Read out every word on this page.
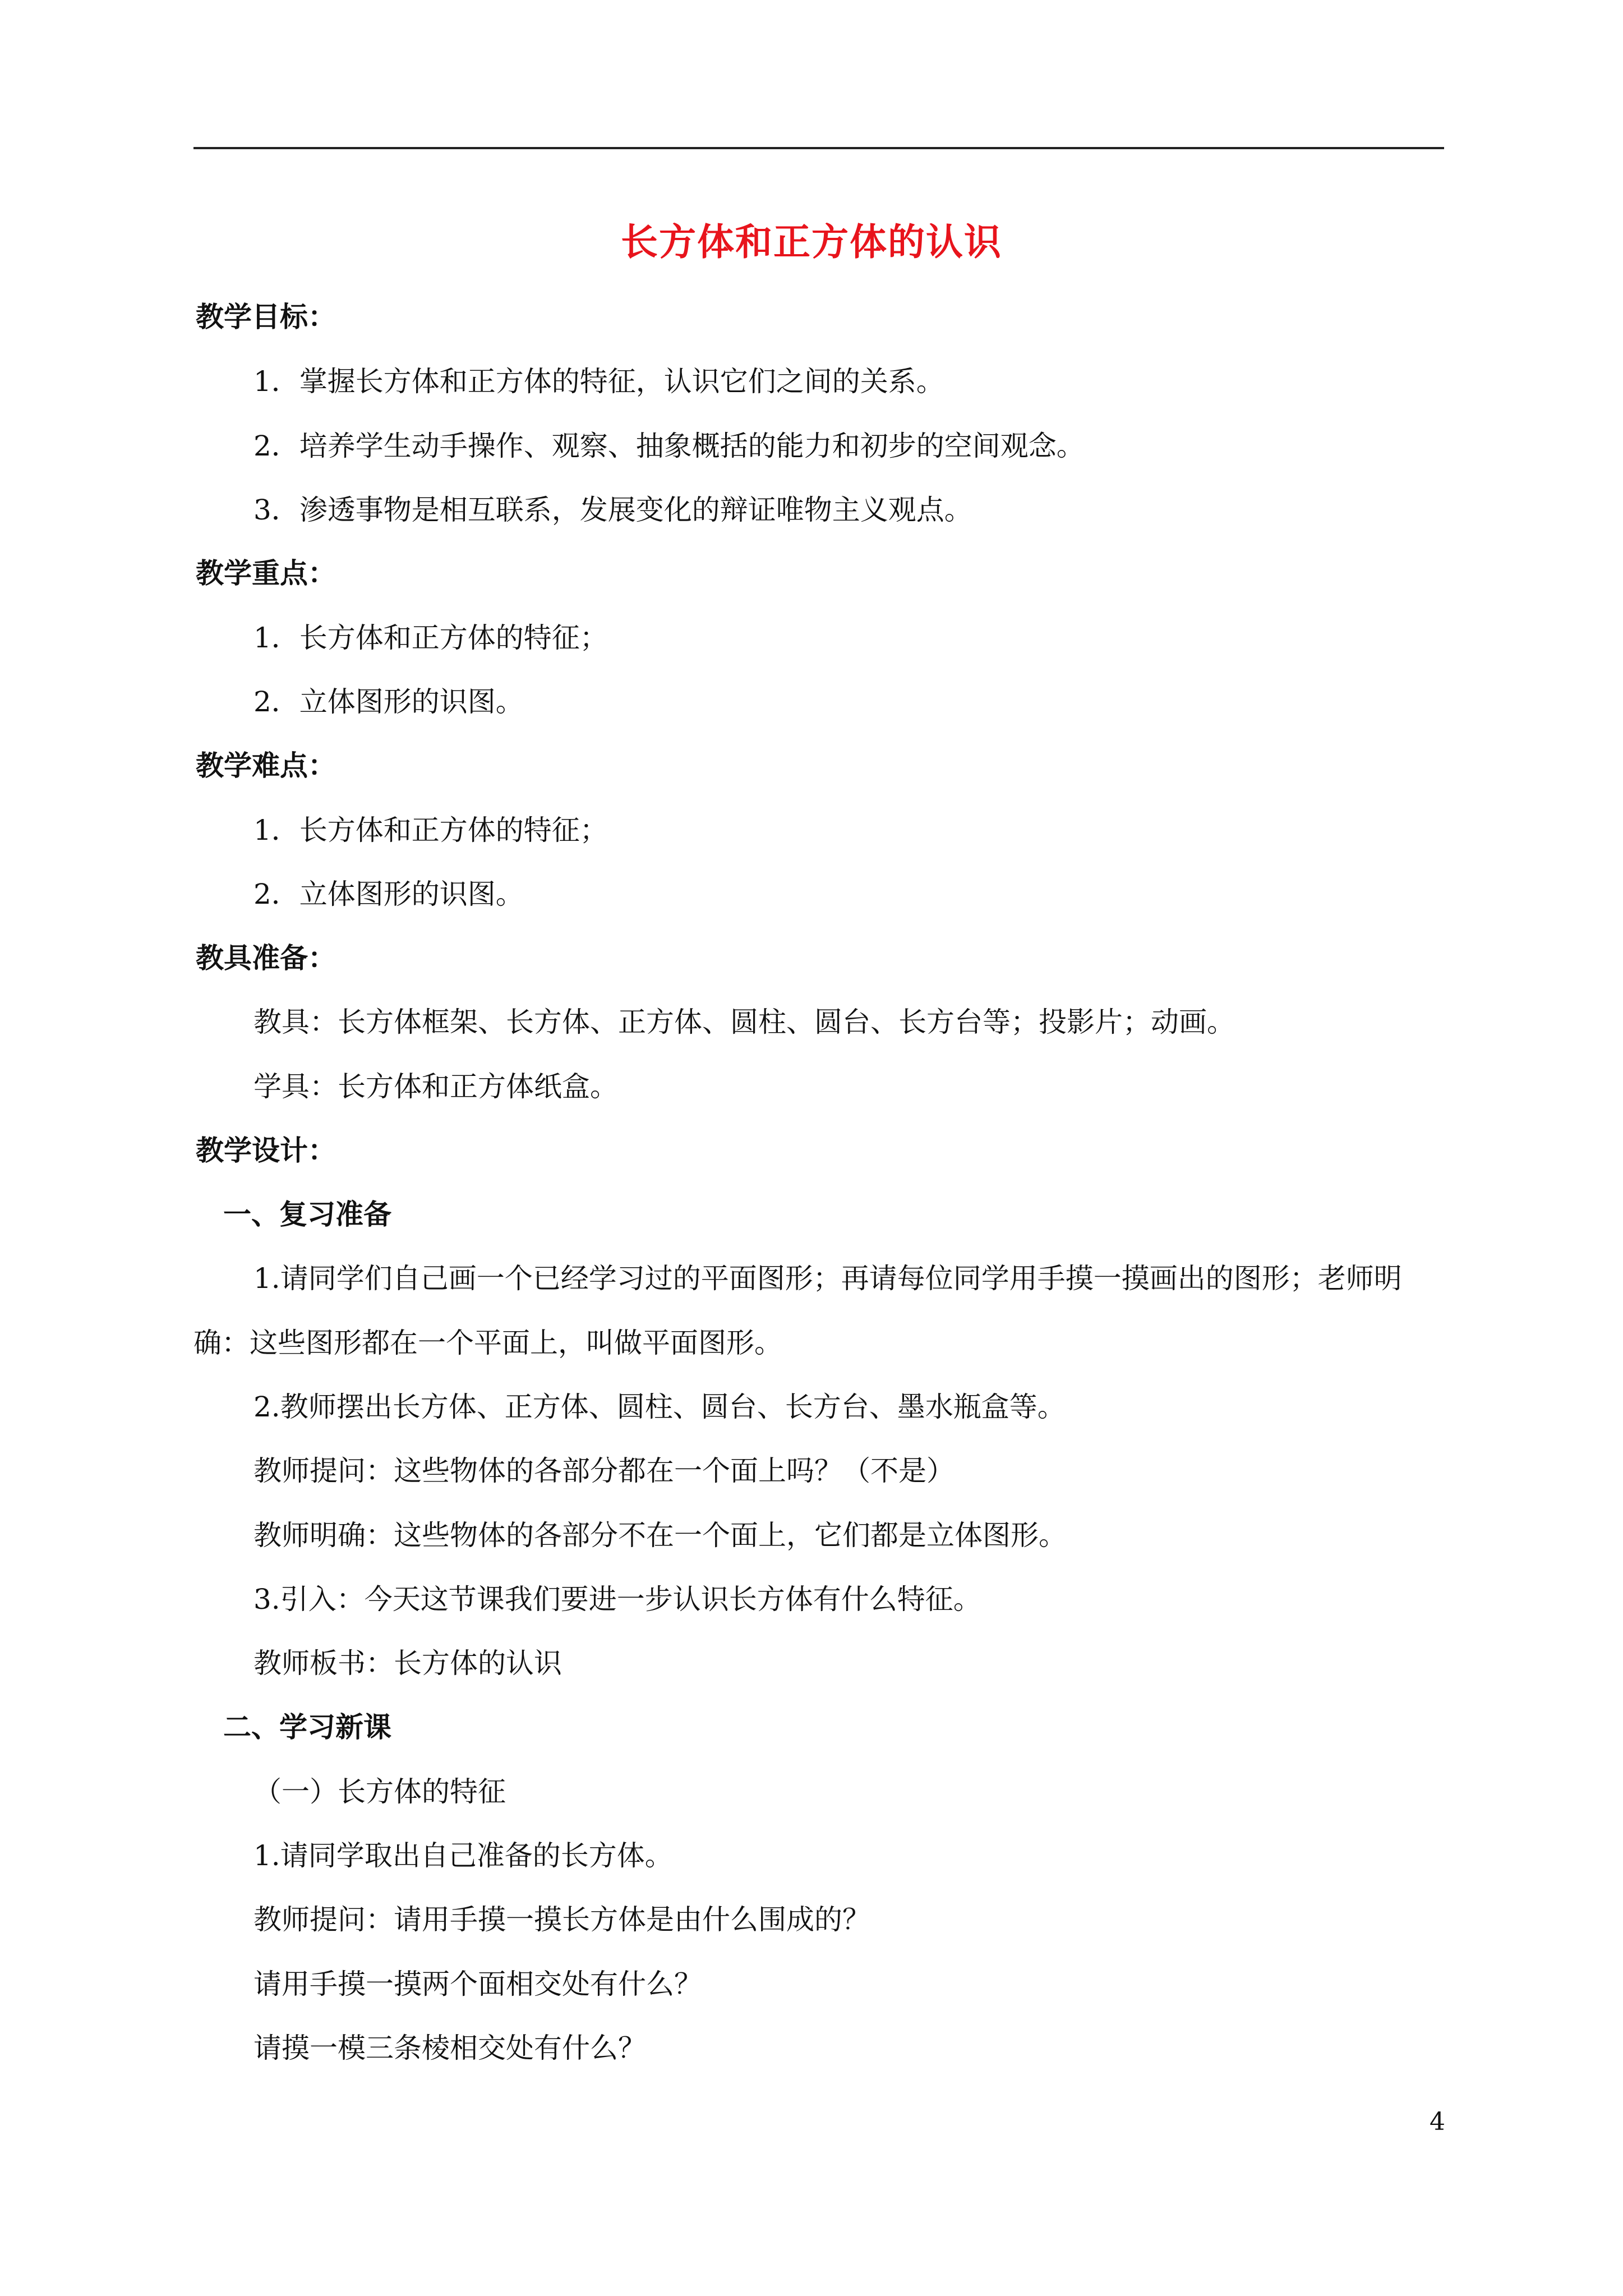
长方体和正方体的认识
教学目标：
1．掌握长方体和正方体的特征，认识它们之间的关系。
2．培养学生动手操作、观察、抽象概括的能力和初步的空间观念。
3．渗透事物是相互联系，发展变化的辩证唯物主义观点。
教学重点：
1．长方体和正方体的特征；
2．立体图形的识图。
教学难点：
1．长方体和正方体的特征；
2．立体图形的识图。
教具准备：
教具：长方体框架、长方体、正方体、圆柱、圆台、长方台等；投影片；动画。
学具：长方体和正方体纸盒。
教学设计：
一、复习准备
1.请同学们自己画一个已经学习过的平面图形；再请每位同学用手摸一摸画出的图形；老师明
确：这些图形都在一个平面上，叫做平面图形。
2.教师摆出长方体、正方体、圆柱、圆台、长方台、墨水瓶盒等。
教师提问：这些物体的各部分都在一个面上吗？（不是）
教师明确：这些物体的各部分不在一个面上，它们都是立体图形。
3.引入：今天这节课我们要进一步认识长方体有什么特征。
教师板书：长方体的认识
二、学习新课
（一）长方体的特征
1.请同学取出自己准备的长方体。
教师提问：请用手摸一摸长方体是由什么围成的？
请用手摸一摸两个面相交处有什么？
请摸一模三条棱相交处有什么？
4
